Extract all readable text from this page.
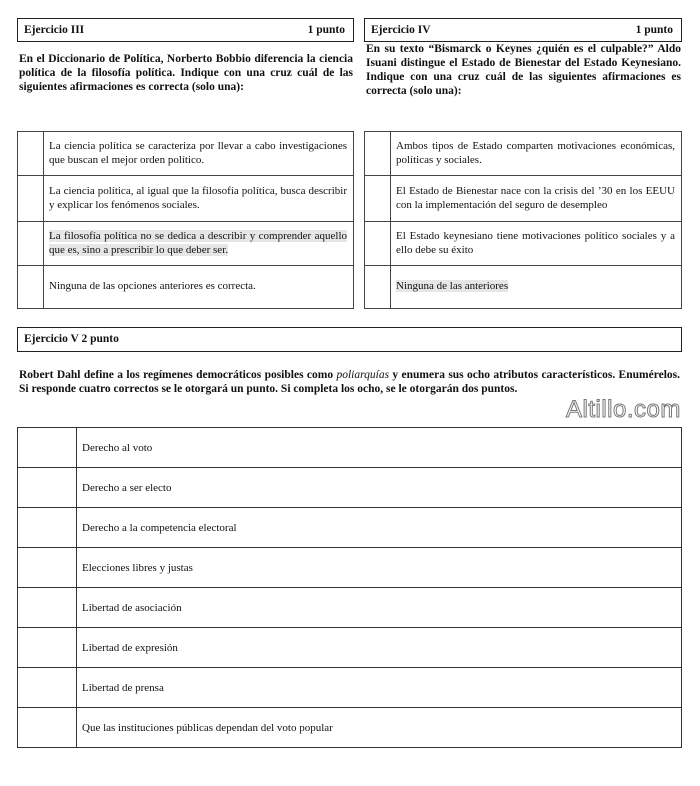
Ejercicio III	1 punto
En el Diccionario de Política, Norberto Bobbio diferencia la ciencia política de la filosofía política. Indique con una cruz cuál de las siguientes afirmaciones es correcta (solo una):
	La ciencia política se caracteriza por llevar a cabo investigaciones que buscan el mejor orden político.
	La ciencia política, al igual que la filosofía política, busca describir y explicar los fenómenos sociales.
	La filosofía política no se dedica a describir y comprender aquello que es, sino a prescribir lo que deber ser.
	Ninguna de las opciones anteriores es correcta.
Ejercicio IV	1 punto
En su texto “Bismarck o Keynes ¿quién es el culpable?” Aldo Isuani distingue el Estado de Bienestar del Estado Keynesiano. Indique con una cruz cuál de las siguientes afirmaciones es correcta (solo una):
	Ambos tipos de Estado comparten motivaciones económicas, políticas y sociales.
	El Estado de Bienestar nace con la crisis del ’30 en los EEUU con la implementación del seguro de desempleo
	El Estado keynesiano tiene motivaciones político sociales y a ello debe su éxito
	Ninguna de las anteriores
Ejercicio V 2 punto
Robert Dahl define a los regímenes democráticos posibles como poliarquías y enumera sus ocho atributos característicos. Enumérelos. Si responde cuatro correctos se le otorgará un punto. Si completa los ocho, se le otorgarán dos puntos.
Altillo.com
	Derecho al voto
	Derecho a ser electo
	Derecho a la competencia electoral
	Elecciones libres y justas
	Libertad de asociación
	Libertad de expresión
	Libertad de prensa
	Que las instituciones públicas dependan del voto popular
